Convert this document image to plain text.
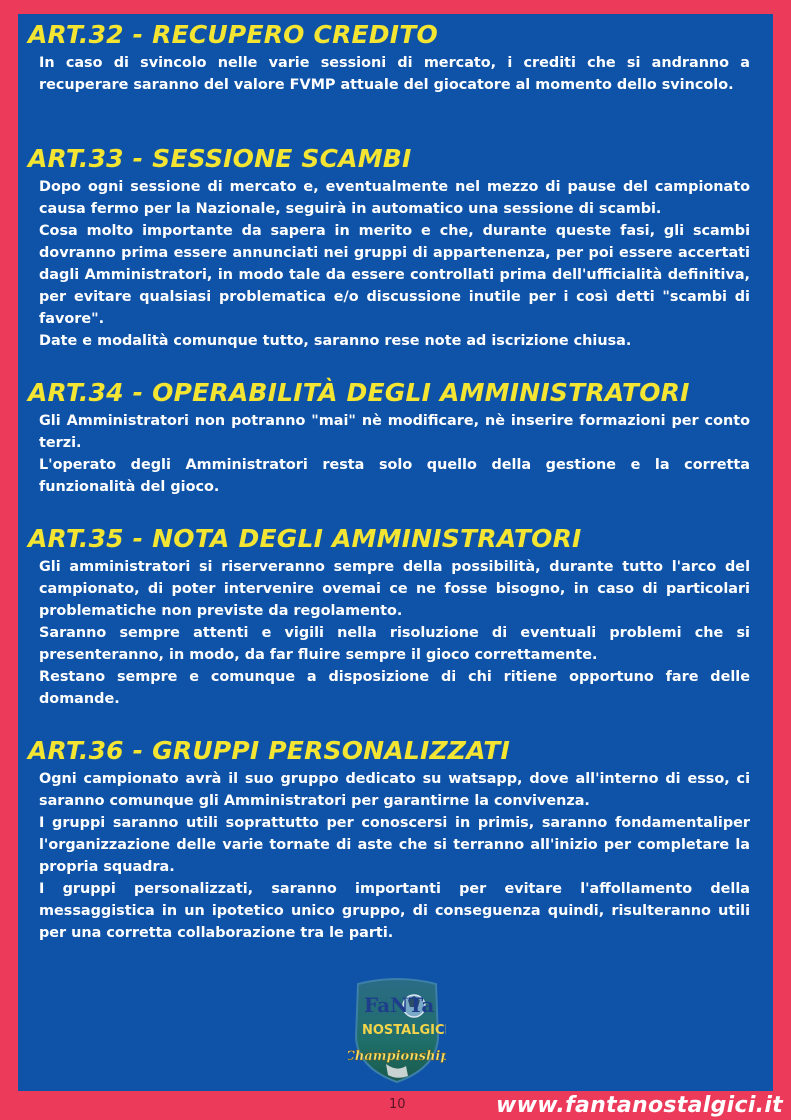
ART.32 - RECUPERO CREDITO

In caso di svincolo nelle varie sessioni di mercato, i crediti che si andranno a recuperare saranno del valore FVMP attuale del giocatore al momento dello svincolo.

ART.33 - SESSIONE SCAMBI

Dopo ogni sessione di mercato e, eventualmente nel mezzo di pause del campionato causa fermo per la Nazionale, seguirà in automatico una sessione di scambi.

Cosa molto importante da sapera in merito e che, durante queste fasi, gli scambi dovranno prima essere annunciati nei gruppi di appartenenza, per poi essere accertati dagli Amministratori, in modo tale da essere controllati prima dell'ufficialità definitiva, per evitare qualsiasi problematica e/o discussione inutile per i così detti "scambi di favore".

Date e modalità comunque tutto, saranno rese note ad iscrizione chiusa.

ART.34 - OPERABILITÀ DEGLI AMMINISTRATORI

Gli Amministratori non potranno "mai" nè modificare, nè inserire formazioni per conto terzi.

L'operato degli Amministratori resta solo quello della gestione e la corretta funzionalità del gioco.

ART.35 - NOTA DEGLI AMMINISTRATORI

Gli amministratori si riserveranno sempre della possibilità, durante tutto l'arco del campionato, di poter intervenire ovemai ce ne fosse bisogno, in caso di particolari problematiche non previste da regolamento.

Saranno sempre attenti e vigili nella risoluzione di eventuali problemi che si presenteranno, in modo, da far fluire sempre il gioco correttamente.

Restano sempre e comunque a disposizione di chi ritiene opportuno fare delle domande.

ART.36 - GRUPPI PERSONALIZZATI

Ogni campionato avrà il suo gruppo dedicato su watsapp, dove all'interno di esso, ci saranno comunque gli Amministratori per garantirne la convivenza.

I gruppi saranno utili soprattutto per conoscersi in primis, saranno fondamentaliper l'organizzazione delle varie tornate di aste che si terranno all'inizio per completare la propria squadra.

I gruppi personalizzati, saranno importanti per evitare l'affollamento della messaggistica in un ipotetico unico gruppo, di conseguenza quindi, risulteranno utili per una corretta collaborazione tra le parti.

FaNTa
NOSTALGICI
Championship
10	www.fantanostalgici.it
